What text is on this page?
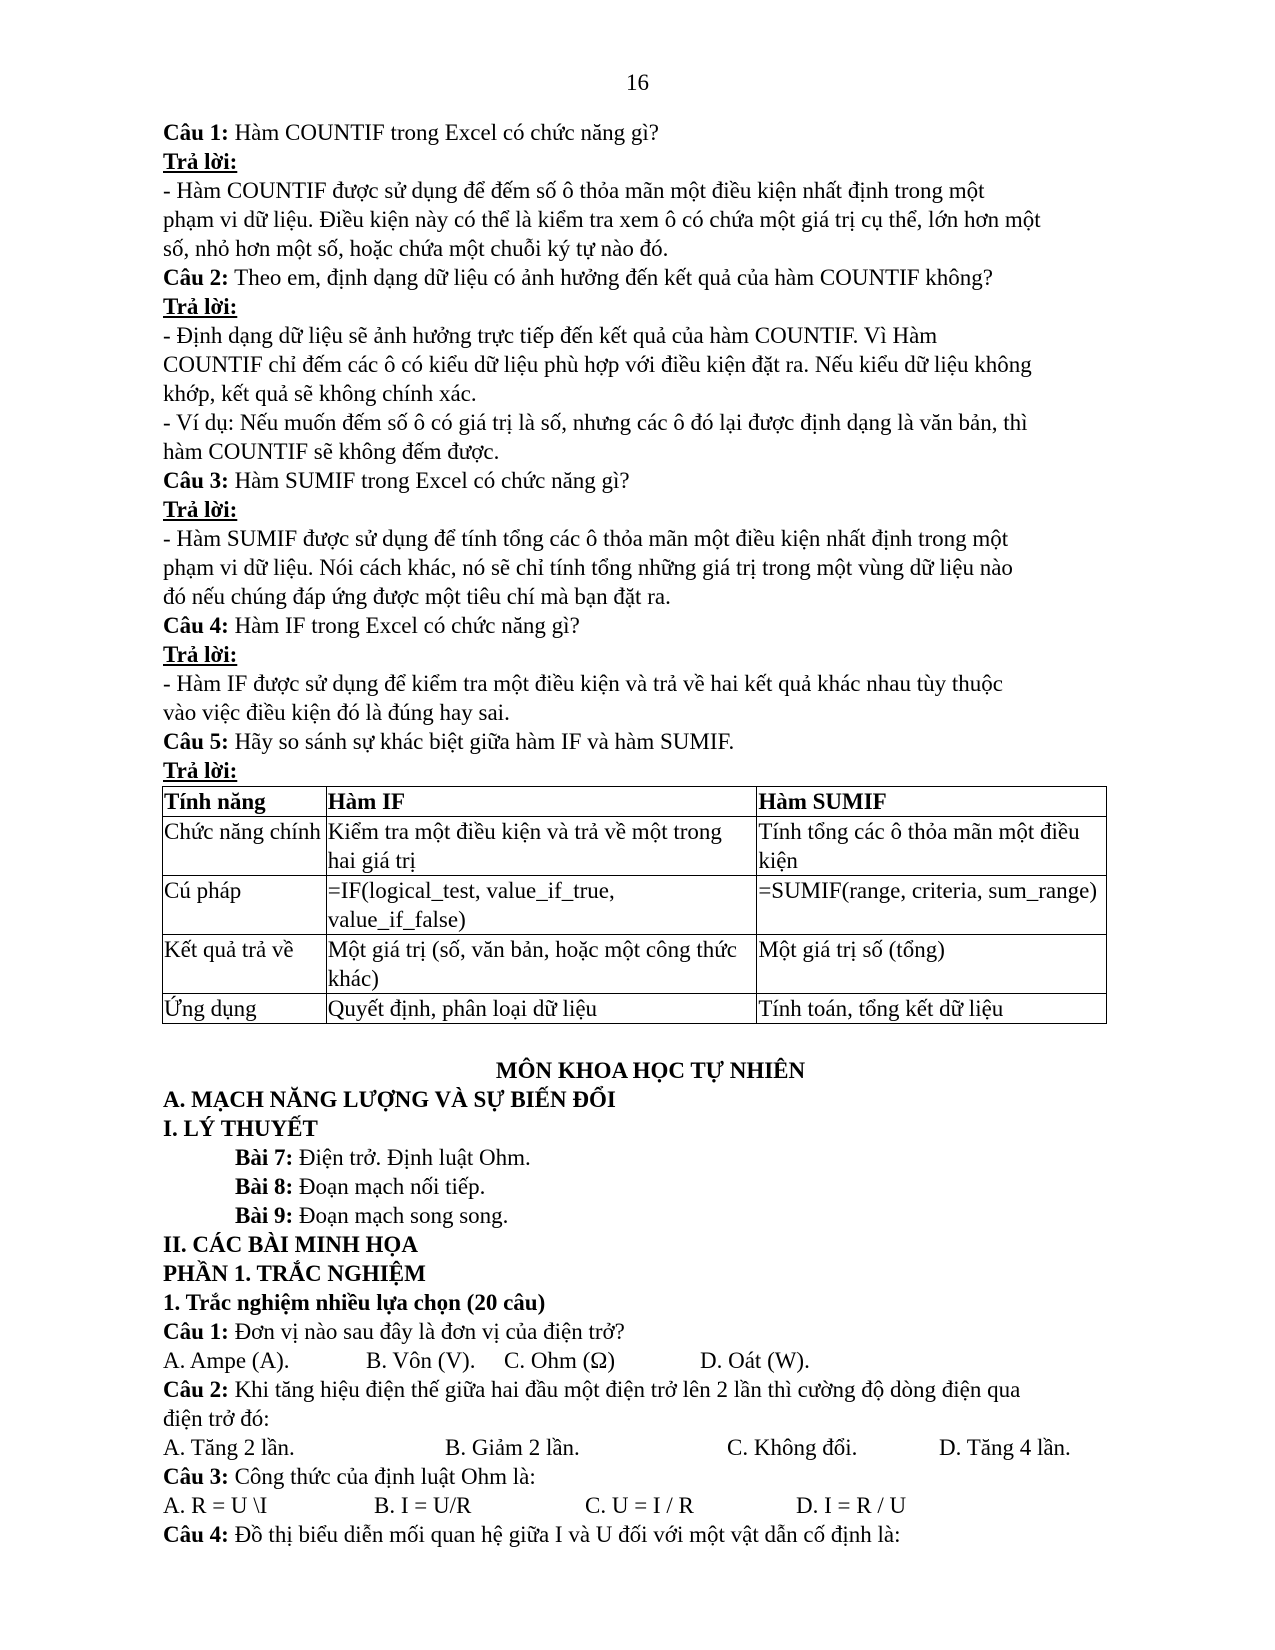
16

Câu 1: Hàm COUNTIF trong Excel có chức năng gì?

Trả lời:

- Hàm COUNTIF được sử dụng để đếm số ô thỏa mãn một điều kiện nhất định trong một

phạm vi dữ liệu. Điều kiện này có thể là kiểm tra xem ô có chứa một giá trị cụ thể, lớn hơn một

số, nhỏ hơn một số, hoặc chứa một chuỗi ký tự nào đó.

Câu 2: Theo em, định dạng dữ liệu có ảnh hưởng đến kết quả của hàm COUNTIF không?

Trả lời:

- Định dạng dữ liệu sẽ ảnh hưởng trực tiếp đến kết quả của hàm COUNTIF. Vì Hàm

COUNTIF chỉ đếm các ô có kiểu dữ liệu phù hợp với điều kiện đặt ra. Nếu kiểu dữ liệu không

khớp, kết quả sẽ không chính xác.

- Ví dụ: Nếu muốn đếm số ô có giá trị là số, nhưng các ô đó lại được định dạng là văn bản, thì

hàm COUNTIF sẽ không đếm được.

Câu 3: Hàm SUMIF trong Excel có chức năng gì?

Trả lời:

- Hàm SUMIF được sử dụng để tính tổng các ô thỏa mãn một điều kiện nhất định trong một

phạm vi dữ liệu. Nói cách khác, nó sẽ chỉ tính tổng những giá trị trong một vùng dữ liệu nào

đó nếu chúng đáp ứng được một tiêu chí mà bạn đặt ra.

Câu 4: Hàm IF trong Excel có chức năng gì?

Trả lời:

- Hàm IF được sử dụng để kiểm tra một điều kiện và trả về hai kết quả khác nhau tùy thuộc

vào việc điều kiện đó là đúng hay sai.

Câu 5: Hãy so sánh sự khác biệt giữa hàm IF và hàm SUMIF.

Trả lời:

Tính năng	Hàm IF	Hàm SUMIF
Chức năng chính	Kiểm tra một điều kiện và trả về một trong hai giá trị	Tính tổng các ô thỏa mãn một điều kiện
Cú pháp	=IF(logical_test, value_if_true, value_if_false)	=SUMIF(range, criteria, sum_range)
Kết quả trả về	Một giá trị (số, văn bản, hoặc một công thức khác)	Một giá trị số (tổng)
Ứng dụng	Quyết định, phân loại dữ liệu	Tính toán, tổng kết dữ liệu

MÔN KHOA HỌC TỰ NHIÊN

A. MẠCH NĂNG LƯỢNG VÀ SỰ BIẾN ĐỔI

I. LÝ THUYẾT

Bài 7: Điện trở. Định luật Ohm.

Bài 8: Đoạn mạch nối tiếp.

Bài 9: Đoạn mạch song song.

II. CÁC BÀI MINH HỌA

PHẦN 1. TRẮC NGHIỆM

1. Trắc nghiệm nhiều lựa chọn (20 câu)

Câu 1: Đơn vị nào sau đây là đơn vị của điện trở?

A. Ampe (A).	B. Vôn (V).	C. Ohm (Ω)	D. Oát (W).

Câu 2: Khi tăng hiệu điện thế giữa hai đầu một điện trở lên 2 lần thì cường độ dòng điện qua

điện trở đó:

A. Tăng 2 lần.	B. Giảm 2 lần.	C. Không đổi.	D. Tăng 4 lần.

Câu 3: Công thức của định luật Ohm là:

A. R = U \I	B. I = U/R	C. U = I / R	D. I = R / U

Câu 4: Đồ thị biểu diễn mối quan hệ giữa I và U đối với một vật dẫn cố định là:
